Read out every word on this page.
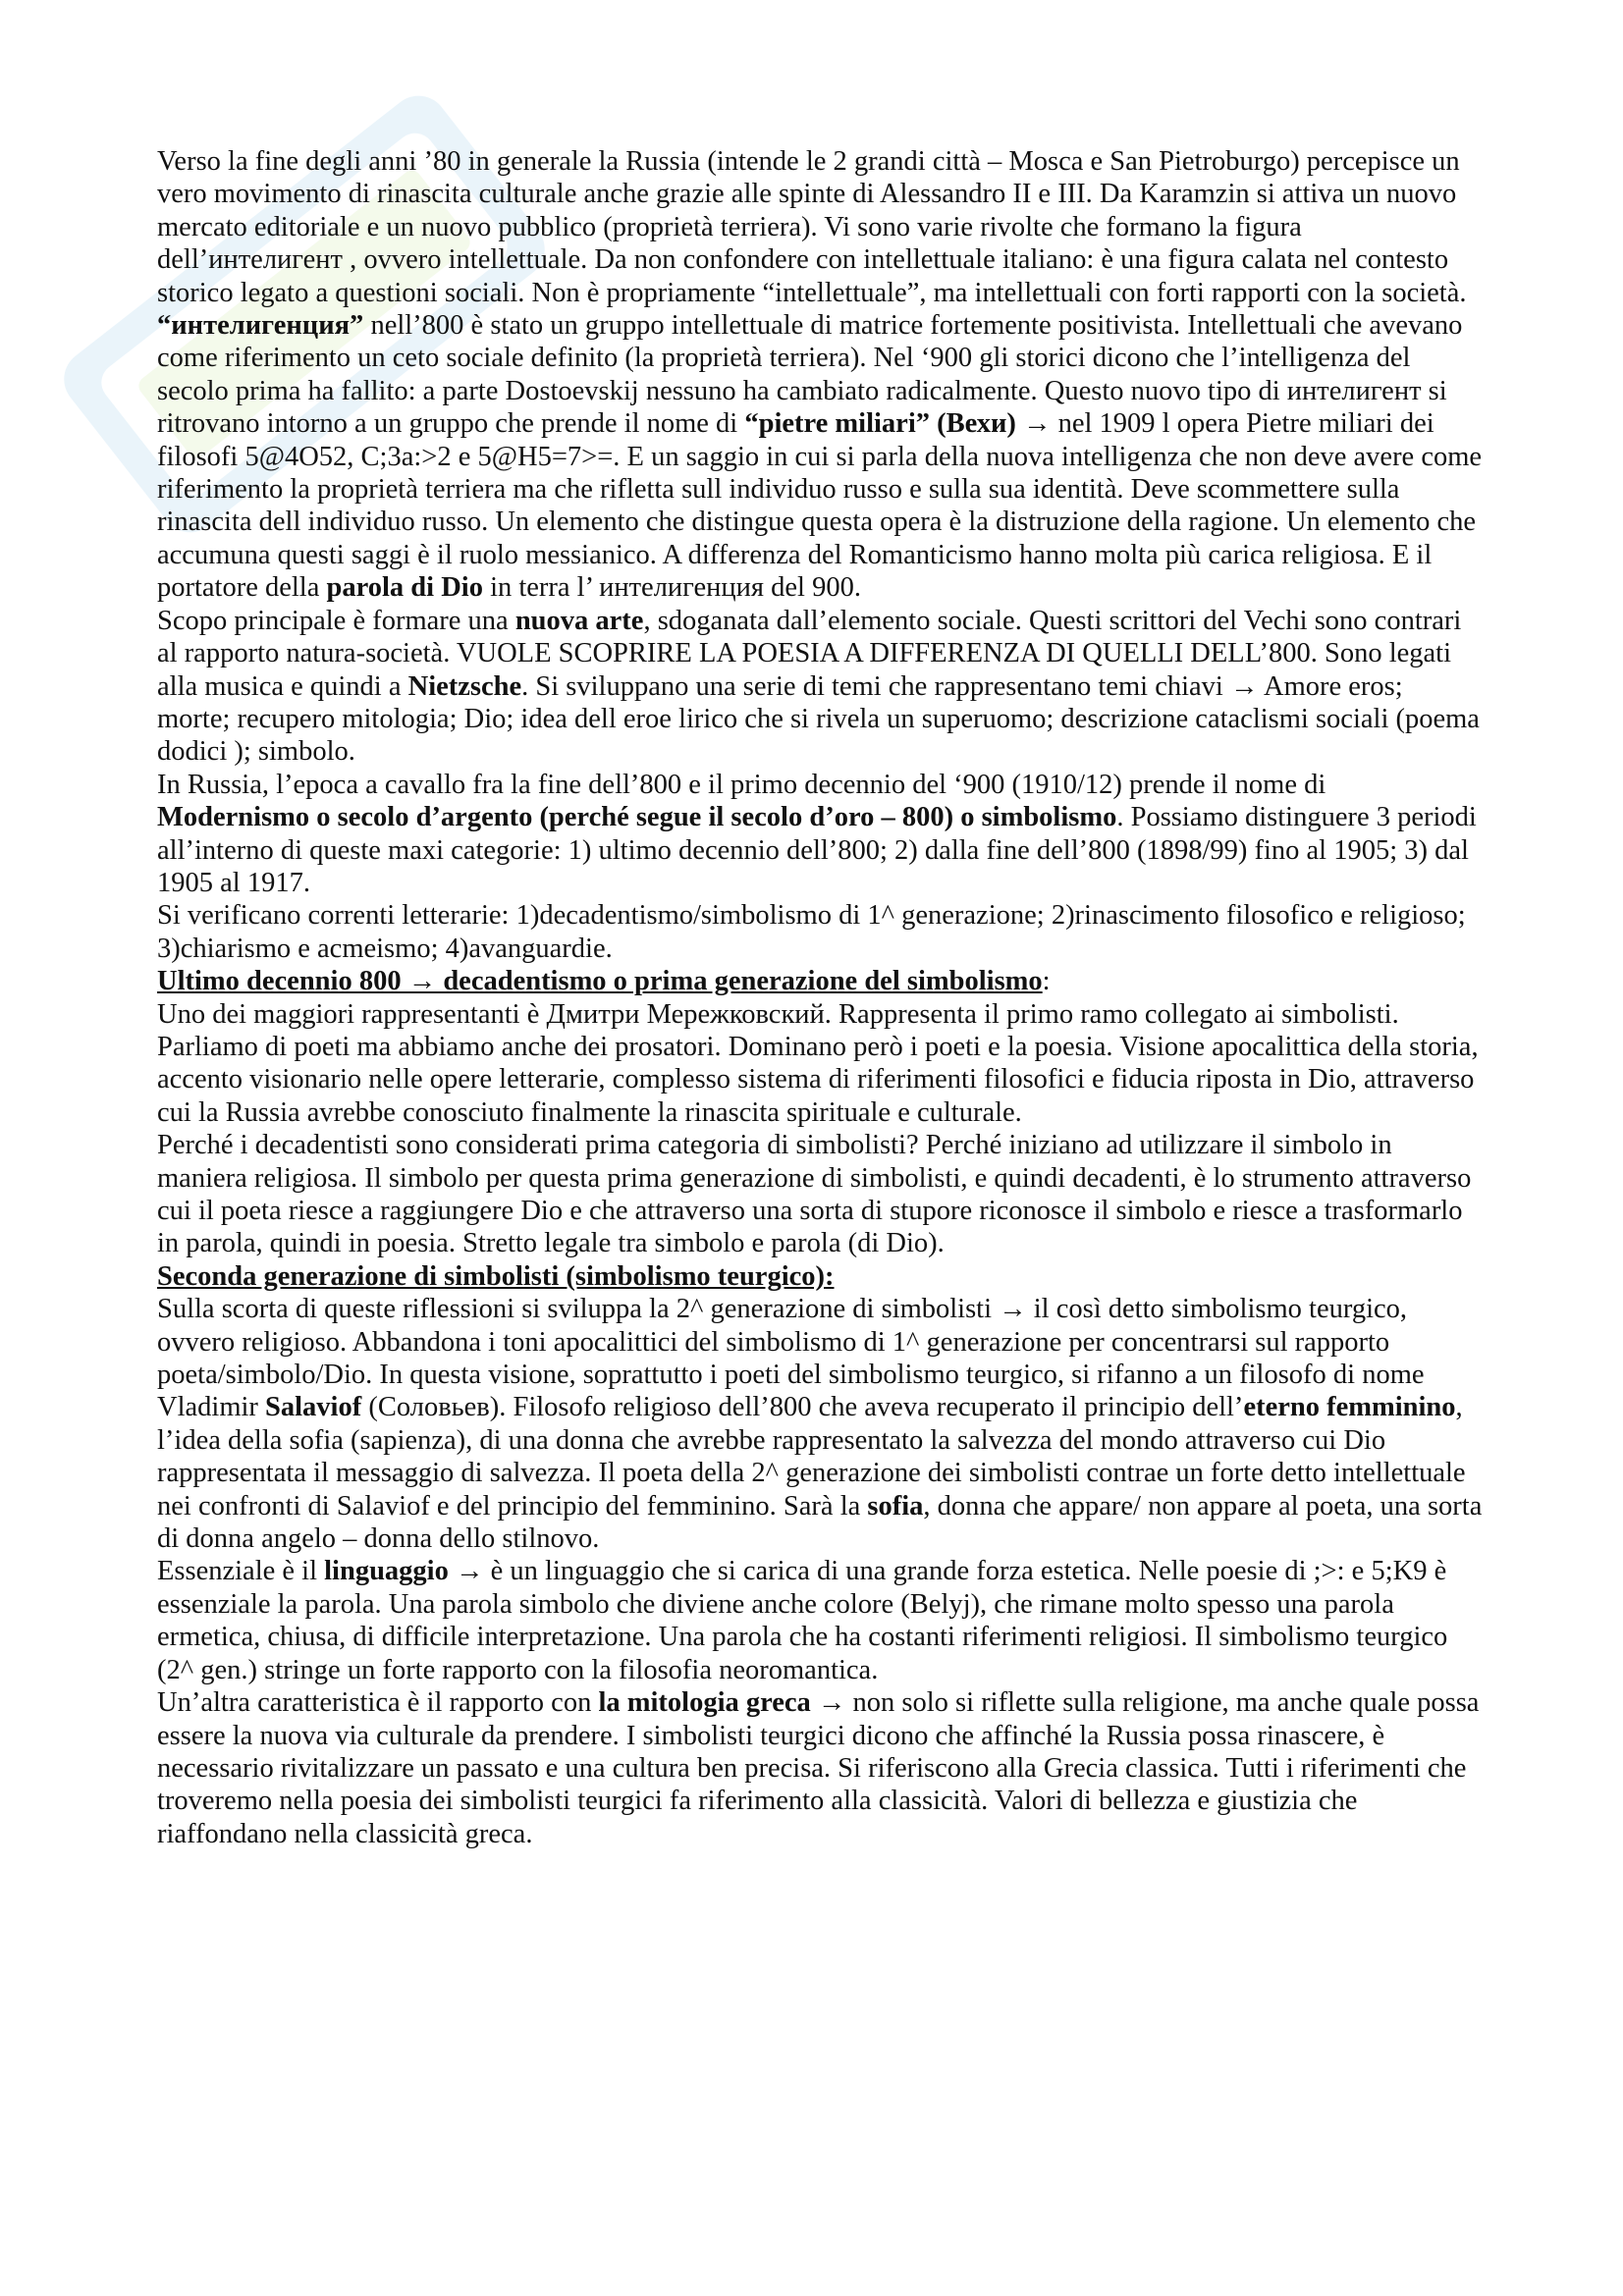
Verso la fine degli anni ’80 in generale la Russia (intende le 2 grandi città – Mosca e San Pietroburgo) percepisce un vero movimento di rinascita culturale anche grazie alle spinte di Alessandro II e III. Da Karamzin si attiva un nuovo mercato editoriale e un nuovo pubblico (proprietà terriera). Vi sono varie rivolte che formano la figura dell’интелигент , ovvero intellettuale. Da non confondere con intellettuale italiano: è una figura calata nel contesto storico legato a questioni sociali. Non è propriamente “intellettuale”, ma intellettuali con forti rapporti con la società.

“интелигенция” nell’800 è stato un gruppo intellettuale di matrice fortemente positivista. Intellettuali che avevano come riferimento un ceto sociale definito (la proprietà terriera). Nel ‘900 gli storici dicono che l’intelligenza del secolo prima ha fallito: a parte Dostoevskij nessuno ha cambiato radicalmente. Questo nuovo tipo di интелигент si ritrovano intorno a un gruppo che prende il nome di “pietre miliari” (Вехи) → nel 1909 l opera Pietre miliari dei filosofi 5@4O52, C;3a:>2 e 5@H5=7>=. E un saggio in cui si parla della nuova intelligenza che non deve avere come riferimento la proprietà terriera ma che rifletta sull individuo russo e sulla sua identità. Deve scommettere sulla rinascita dell individuo russo. Un elemento che distingue questa opera è la distruzione della ragione. Un elemento che accumuna questi saggi è il ruolo messianico. A differenza del Romanticismo hanno molta più carica religiosa. E il portatore della parola di Dio in terra l’ интелигенция del 900.

Scopo principale è formare una nuova arte, sdoganata dall’elemento sociale. Questi scrittori del Vechi sono contrari al rapporto natura-società. VUOLE SCOPRIRE LA POESIA A DIFFERENZA DI QUELLI DELL’800. Sono legati alla musica e quindi a Nietzsche. Si sviluppano una serie di temi che rappresentano temi chiavi → Amore eros; morte; recupero mitologia; Dio; idea dell eroe lirico che si rivela un superuomo; descrizione cataclismi sociali (poema dodici ); simbolo.

In Russia, l’epoca a cavallo fra la fine dell’800 e il primo decennio del ‘900 (1910/12) prende il nome di Modernismo o secolo d’argento (perché segue il secolo d’oro – 800) o simbolismo. Possiamo distinguere 3 periodi all’interno di queste maxi categorie: 1) ultimo decennio dell’800; 2) dalla fine dell’800 (1898/99) fino al 1905; 3) dal 1905 al 1917.

Si verificano correnti letterarie: 1)decadentismo/simbolismo di 1^ generazione; 2)rinascimento filosofico e religioso; 3)chiarismo e acmeismo; 4)avanguardie.

Ultimo decennio 800 → decadentismo o prima generazione del simbolismo:

Uno dei maggiori rappresentanti è Дмитри Мережковский. Rappresenta il primo ramo collegato ai simbolisti. Parliamo di poeti ma abbiamo anche dei prosatori. Dominano però i poeti e la poesia. Visione apocalittica della storia, accento visionario nelle opere letterarie, complesso sistema di riferimenti filosofici e fiducia riposta in Dio, attraverso cui la Russia avrebbe conosciuto finalmente la rinascita spirituale e culturale.

Perché i decadentisti sono considerati prima categoria di simbolisti? Perché iniziano ad utilizzare il simbolo in maniera religiosa. Il simbolo per questa prima generazione di simbolisti, e quindi decadenti, è lo strumento attraverso cui il poeta riesce a raggiungere Dio e che attraverso una sorta di stupore riconosce il simbolo e riesce a trasformarlo in parola, quindi in poesia. Stretto legale tra simbolo e parola (di Dio).

Seconda generazione di simbolisti (simbolismo teurgico):

Sulla scorta di queste riflessioni si sviluppa la 2^ generazione di simbolisti → il così detto simbolismo teurgico, ovvero religioso. Abbandona i toni apocalittici del simbolismo di 1^ generazione per concentrarsi sul rapporto poeta/simbolo/Dio. In questa visione, soprattutto i poeti del simbolismo teurgico, si rifanno a un filosofo di nome Vladimir Salaviof (Соловьев). Filosofo religioso dell’800 che aveva recuperato il principio dell’eterno femminino, l’idea della sofia (sapienza), di una donna che avrebbe rappresentato la salvezza del mondo attraverso cui Dio rappresentata il messaggio di salvezza. Il poeta della 2^ generazione dei simbolisti contrae un forte detto intellettuale nei confronti di Salaviof e del principio del femminino. Sarà la sofia, donna che appare/ non appare al poeta, una sorta di donna angelo – donna dello stilnovo.

Essenziale è il linguaggio → è un linguaggio che si carica di una grande forza estetica. Nelle poesie di ;>: e 5;K9 è essenziale la parola. Una parola simbolo che diviene anche colore (Belyj), che rimane molto spesso una parola ermetica, chiusa, di difficile interpretazione. Una parola che ha costanti riferimenti religiosi. Il simbolismo teurgico (2^ gen.) stringe un forte rapporto con la filosofia neoromantica.

Un’altra caratteristica è il rapporto con la mitologia greca → non solo si riflette sulla religione, ma anche quale possa essere la nuova via culturale da prendere. I simbolisti teurgici dicono che affinché la Russia possa rinascere, è necessario rivitalizzare un passato e una cultura ben precisa. Si riferiscono alla Grecia classica. Tutti i riferimenti che troveremo nella poesia dei simbolisti teurgici fa riferimento alla classicità. Valori di bellezza e giustizia che riaffondano nella classicità greca.
